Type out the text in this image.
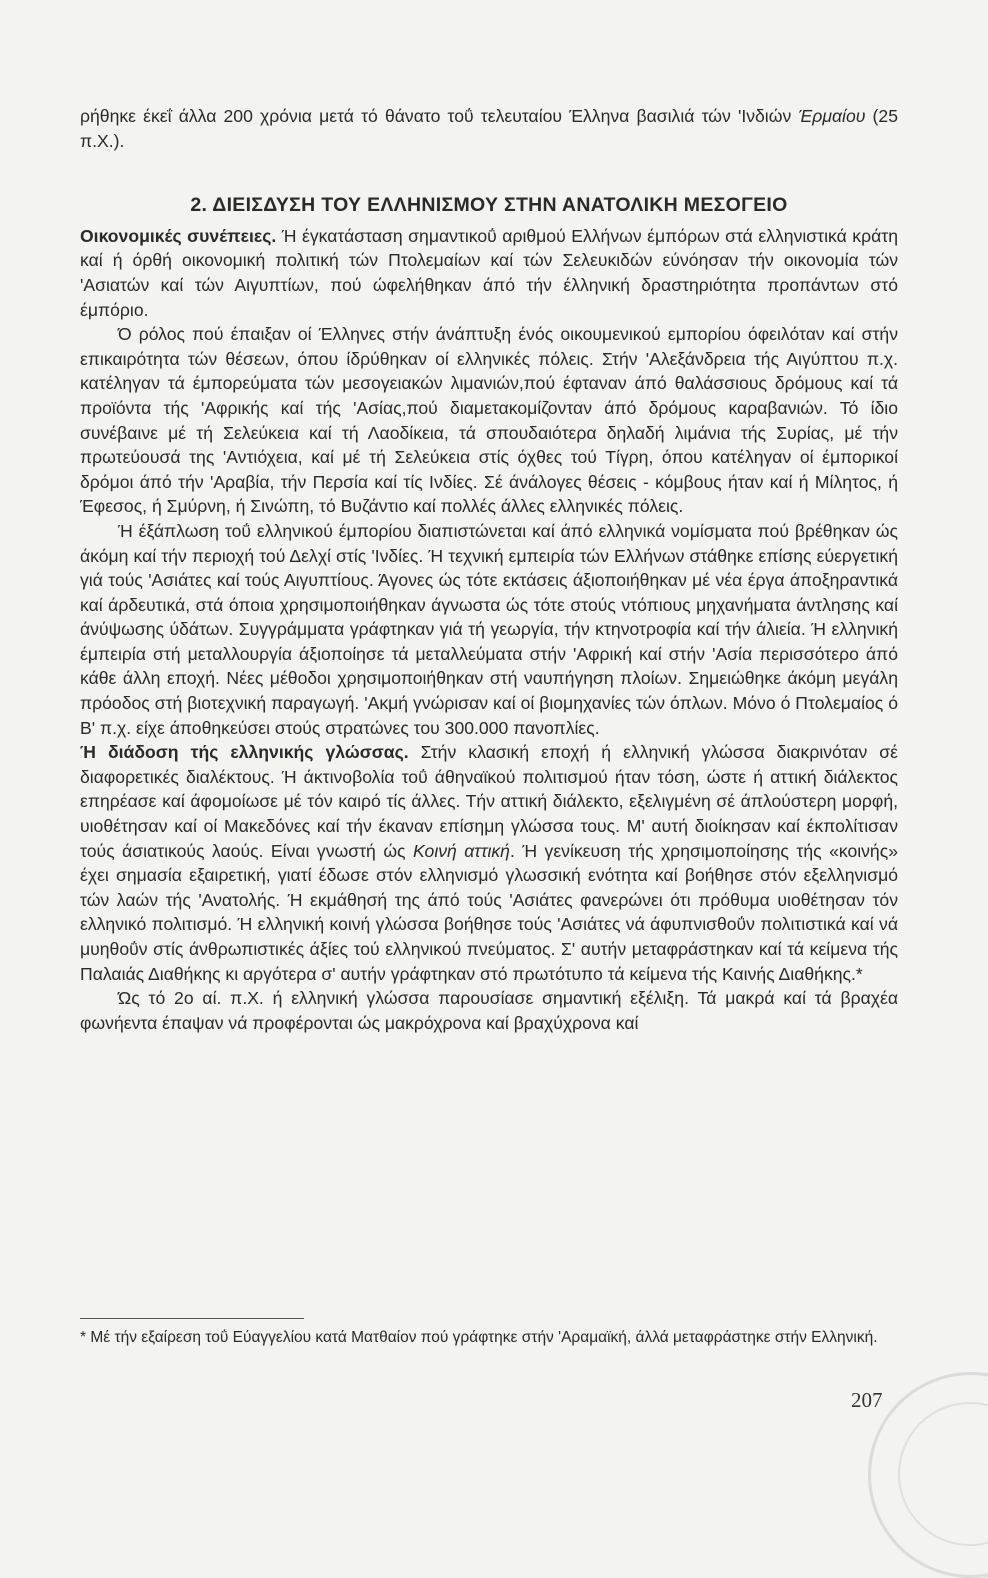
ρήθηκε έκεΐ άλλα 200 χρόνια μετά τό θάνατο τοΰ τελευταίου Έλληνα βασιλιά τών 'Ινδιών Έρμαίου (25 π.Χ.).

2. ΔΙΕΙΣΔΥΣΗ ΤΟΥ ΕΛΛΗΝΙΣΜΟΥ ΣΤΗΝ ΑΝΑΤΟΛΙΚΗ ΜΕΣΟΓΕΙΟ

Οικονομικές συνέπειες. Ή έγκατάσταση σημαντικοΰ αριθμού Ελλήνων έμπόρων στά ελληνιστικά κράτη καί ή όρθή οικονομική πολιτική τών Πτολεμαίων καί τών Σελευκιδών εύνόησαν τήν οικονομία τών 'Ασιατών καί τών Αιγυπτίων, πού ώφελήθηκαν άπό τήν έλληνική δραστηριότητα προπάντων στό έμπόριο.

Ό ρόλος πού έπαιξαν οί Έλληνες στήν άνάπτυξη ένός οικουμενικού εμπορίου όφειλόταν καί στήν επικαιρότητα τών θέσεων, όπου ίδρύθηκαν οί ελληνικές πόλεις. Στήν 'Αλεξάνδρεια τής Αιγύπτου π.χ. κατέληγαν τά έμπορεύματα τών μεσογειακών λιμανιών,πού έφταναν άπό θαλάσσιους δρόμους καί τά προϊόντα τής 'Αφρικής καί τής 'Ασίας,πού διαμετακομίζονταν άπό δρόμους καραβανιών. Τό ίδιο συνέβαινε μέ τή Σελεύκεια καί τή Λαοδίκεια, τά σπουδαιότερα δηλαδή λιμάνια τής Συρίας, μέ τήν πρωτεύουσά της 'Αντιόχεια, καί μέ τή Σελεύκεια στίς όχθες τού Τίγρη, όπου κατέληγαν οί έμπορικοί δρόμοι άπό τήν 'Αραβία, τήν Περσία καί τίς Ινδίες. Σέ άνάλογες θέσεις - κόμβους ήταν καί ή Μίλητος, ή Έφεσος, ή Σμύρνη, ή Σινώπη, τό Βυζάντιο καί πολλές άλλες ελληνικές πόλεις.

Ή έξάπλωση τοΰ ελληνικού έμπορίου διαπιστώνεται καί άπό ελληνικά νομίσματα πού βρέθηκαν ώς άκόμη καί τήν περιοχή τού Δελχί στίς 'Ινδίες. Ή τεχνική εμπειρία τών Ελλήνων στάθηκε επίσης εύεργετική γιά τούς 'Ασιάτες καί τούς Αιγυπτίους. Άγονες ώς τότε εκτάσεις άξιοποιήθηκαν μέ νέα έργα άποξηραντικά καί άρδευτικά, στά όποια χρησιμοποιήθηκαν άγνωστα ώς τότε στούς ντόπιους μηχανήματα άντλησης καί άνύψωσης ύδάτων. Συγγράμματα γράφτηκαν γιά τή γεωργία, τήν κτηνοτροφία καί τήν άλιεία. Ή ελληνική έμπειρία στή μεταλλουργία άξιοποίησε τά μεταλλεύματα στήν 'Αφρική καί στήν 'Ασία περισσότερο άπό κάθε άλλη εποχή. Νέες μέθοδοι χρησιμοποιήθηκαν στή ναυπήγηση πλοίων. Σημειώθηκε άκόμη μεγάλη πρόοδος στή βιοτεχνική παραγωγή. 'Ακμή γνώρισαν καί οί βιομηχανίες τών όπλων. Μόνο ό Πτολεμαίος ό Β' π.χ. είχε άποθηκεύσει στούς στρατώνες του 300.000 πανοπλίες.

Ή διάδοση τής ελληνικής γλώσσας. Στήν κλασική εποχή ή ελληνική γλώσσα διακρινόταν σέ διαφορετικές διαλέκτους. Ή άκτινοβολία τοΰ άθηναϊκού πολιτισμού ήταν τόση, ώστε ή αττική διάλεκτος επηρέασε καί άφομοίωσε μέ τόν καιρό τίς άλλες. Τήν αττική διάλεκτο, εξελιγμένη σέ άπλούστερη μορφή, υιοθέτησαν καί οί Μακεδόνες καί τήν έκαναν επίσημη γλώσσα τους. Μ' αυτή διοίκησαν καί έκπολίτισαν τούς άσιατικούς λαούς. Είναι γνωστή ώς Κοινή αττική. Ή γενίκευση τής χρησιμοποίησης τής «κοινής» έχει σημασία εξαιρετική, γιατί έδωσε στόν ελληνισμό γλωσσική ενότητα καί βοήθησε στόν εξελληνισμό τών λαών τής 'Ανατολής. Ή εκμάθησή της άπό τούς 'Ασιάτες φανερώνει ότι πρόθυμα υιοθέτησαν τόν ελληνικό πολιτισμό. Ή ελληνική κοινή γλώσσα βοήθησε τούς 'Ασιάτες νά άφυπνισθοΰν πολιτιστικά καί νά μυηθοΰν στίς άνθρωπιστικές άξίες τού ελληνικού πνεύματος. Σ' αυτήν μεταφράστηκαν καί τά κείμενα τής Παλαιάς Διαθήκης κι αργότερα σ' αυτήν γράφτηκαν στό πρωτότυπο τά κείμενα τής Καινής Διαθήκης.*

Ώς τό 2ο αί. π.Χ. ή ελληνική γλώσσα παρουσίασε σημαντική εξέλιξη. Τά μακρά καί τά βραχέα φωνήεντα έπαψαν νά προφέρονται ώς μακρόχρονα καί βραχύχρονα καί

* Μέ τήν εξαίρεση τοΰ Εύαγγελίου κατά Ματθαίον πού γράφτηκε στήν 'Αραμαϊκή, άλλά μεταφράστηκε στήν Ελληνική.
207
